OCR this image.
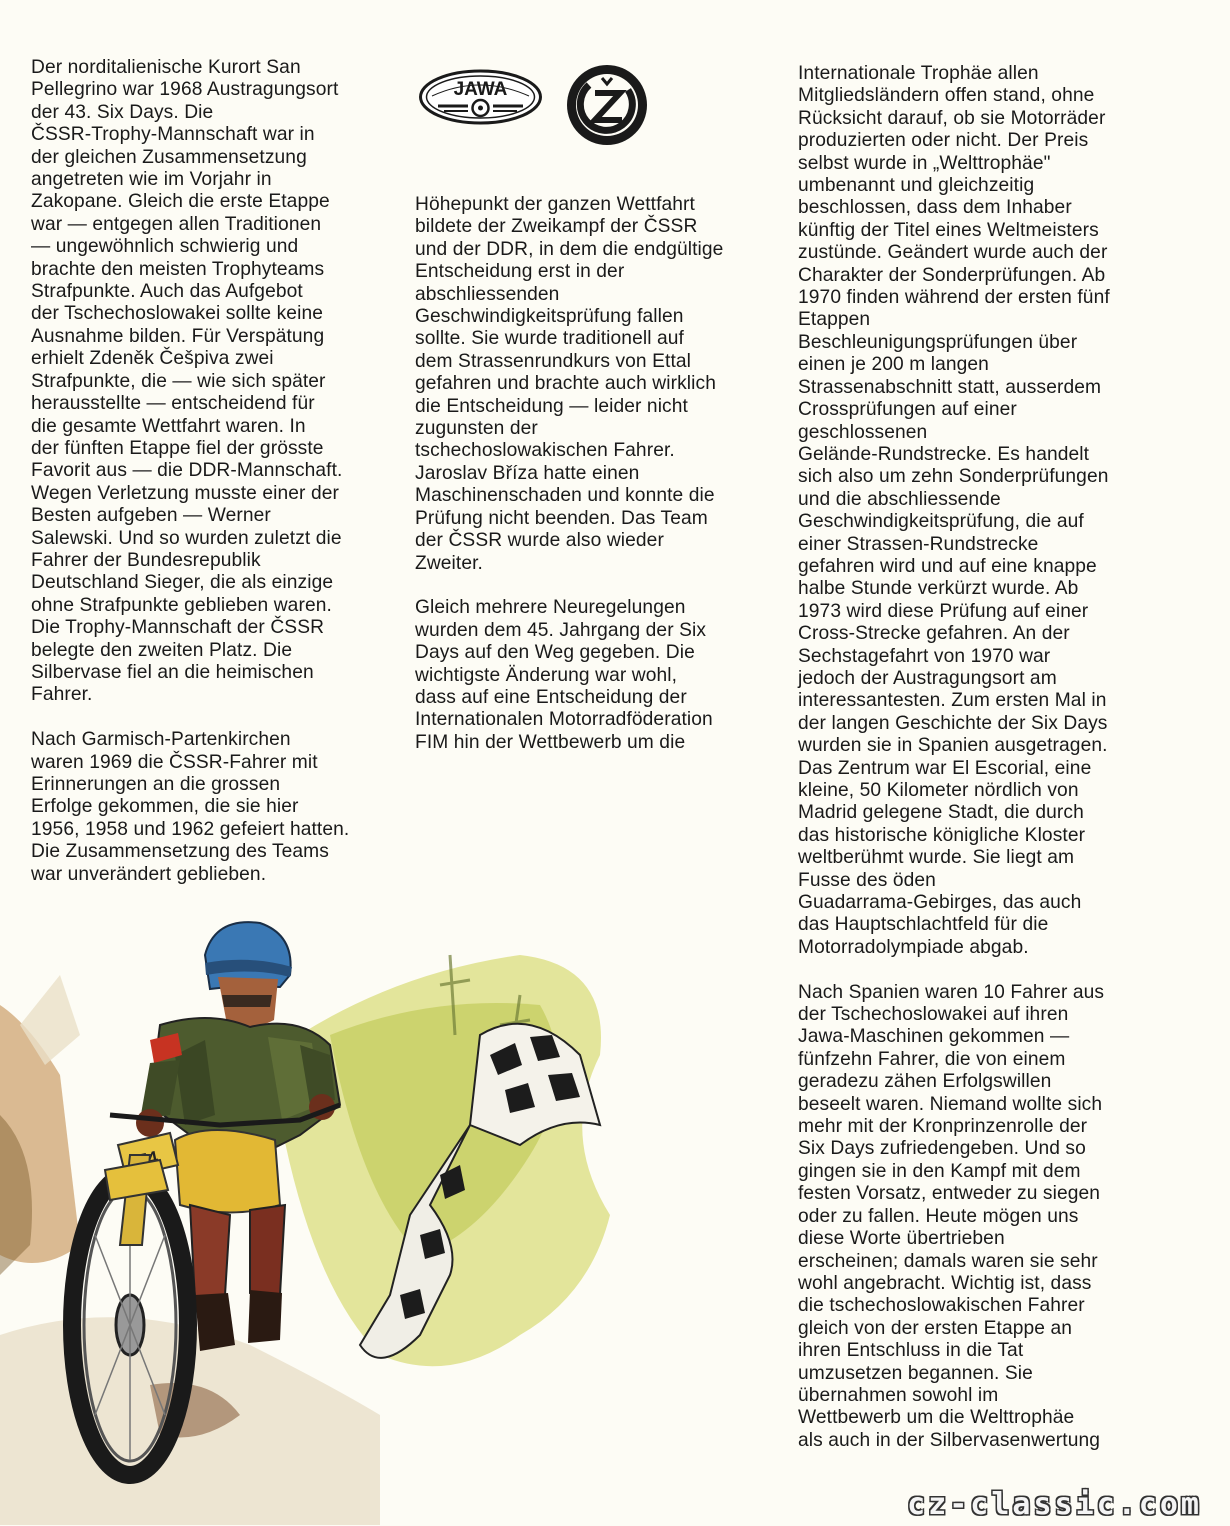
Der norditalienische Kurort San
Pellegrino war 1968 Austragungsort
der 43. Six Days. Die
ČSSR-Trophy-Mannschaft war in
der gleichen Zusammensetzung
angetreten wie im Vorjahr in
Zakopane. Gleich die erste Etappe
war — entgegen allen Traditionen
— ungewöhnlich schwierig und
brachte den meisten Trophyteams
Strafpunkte. Auch das Aufgebot
der Tschechoslowakei sollte keine
Ausnahme bilden. Für Verspätung
erhielt Zdeněk Češpiva zwei
Strafpunkte, die — wie sich später
herausstellte — entscheidend für
die gesamte Wettfahrt waren. In
der fünften Etappe fiel der grösste
Favorit aus — die DDR-Mannschaft.
Wegen Verletzung musste einer der
Besten aufgeben — Werner
Salewski. Und so wurden zuletzt die
Fahrer der Bundesrepublik
Deutschland Sieger, die als einzige
ohne Strafpunkte geblieben waren.
Die Trophy-Mannschaft der ČSSR
belegte den zweiten Platz. Die
Silbervase fiel an die heimischen
Fahrer.
Nach Garmisch-Partenkirchen
waren 1969 die ČSSR-Fahrer mit
Erinnerungen an die grossen
Erfolge gekommen, die sie hier
1956, 1958 und 1962 gefeiert hatten.
Die Zusammensetzung des Teams
war unverändert geblieben.
JAWA
ČZ
Höhepunkt der ganzen Wettfahrt
bildete der Zweikampf der ČSSR
und der DDR, in dem die endgültige
Entscheidung erst in der
abschliessenden
Geschwindigkeitsprüfung fallen
sollte. Sie wurde traditionell auf
dem Strassenrundkurs von Ettal
gefahren und brachte auch wirklich
die Entscheidung — leider nicht
zugunsten der
tschechoslowakischen Fahrer.
Jaroslav Bříza hatte einen
Maschinenschaden und konnte die
Prüfung nicht beenden. Das Team
der ČSSR wurde also wieder
Zweiter.
Gleich mehrere Neuregelungen
wurden dem 45. Jahrgang der Six
Days auf den Weg gegeben. Die
wichtigste Änderung war wohl,
dass auf eine Entscheidung der
Internationalen Motorradföderation
FIM hin der Wettbewerb um die
Internationale Trophäe allen
Mitgliedsländern offen stand, ohne
Rücksicht darauf, ob sie Motorräder
produzierten oder nicht. Der Preis
selbst wurde in „Welttrophäe"
umbenannt und gleichzeitig
beschlossen, dass dem Inhaber
künftig der Titel eines Weltmeisters
zustünde. Geändert wurde auch der
Charakter der Sonderprüfungen. Ab
1970 finden während der ersten fünf
Etappen
Beschleunigungsprüfungen über
einen je 200 m langen
Strassenabschnitt statt, ausserdem
Crossprüfungen auf einer
geschlossenen
Gelände-Rundstrecke. Es handelt
sich also um zehn Sonderprüfungen
und die abschliessende
Geschwindigkeitsprüfung, die auf
einer Strassen-Rundstrecke
gefahren wird und auf eine knappe
halbe Stunde verkürzt wurde. Ab
1973 wird diese Prüfung auf einer
Cross-Strecke gefahren. An der
Sechstagefahrt von 1970 war
jedoch der Austragungsort am
interessantesten. Zum ersten Mal in
der langen Geschichte der Six Days
wurden sie in Spanien ausgetragen.
Das Zentrum war El Escorial, eine
kleine, 50 Kilometer nördlich von
Madrid gelegene Stadt, die durch
das historische königliche Kloster
weltberühmt wurde. Sie liegt am
Fusse des öden
Guadarrama-Gebirges, das auch
das Hauptschlachtfeld für die
Motorradolympiade abgab.
Nach Spanien waren 10 Fahrer aus
der Tschechoslowakei auf ihren
Jawa-Maschinen gekommen —
fünfzehn Fahrer, die von einem
geradezu zähen Erfolgswillen
beseelt waren. Niemand wollte sich
mehr mit der Kronprinzenrolle der
Six Days zufriedengeben. Und so
gingen sie in den Kampf mit dem
festen Vorsatz, entweder zu siegen
oder zu fallen. Heute mögen uns
diese Worte übertrieben
erscheinen; damals waren sie sehr
wohl angebracht. Wichtig ist, dass
die tschechoslowakischen Fahrer
gleich von der ersten Etappe an
ihren Entschluss in die Tat
umzusetzen begannen. Sie
übernahmen sowohl im
Wettbewerb um die Welttrophäe
als auch in der Silbervasenwertung
cz-classic.com
